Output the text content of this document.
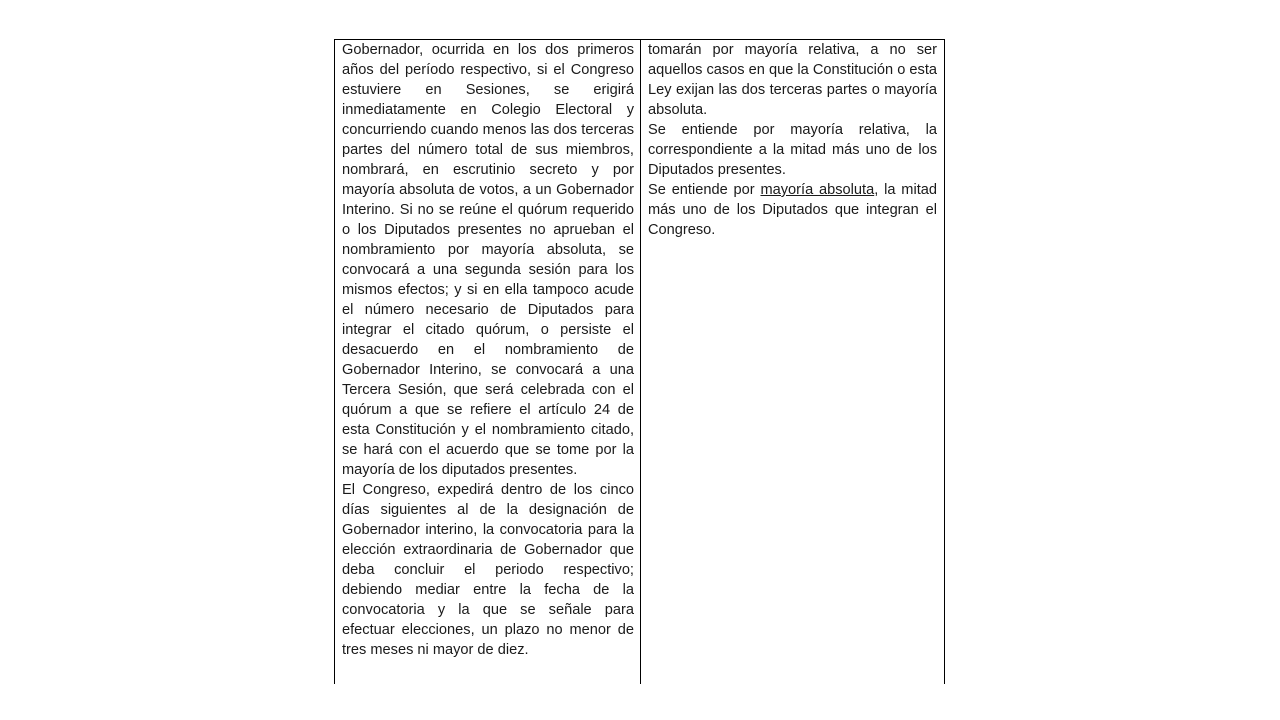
Gobernador, ocurrida en los dos primeros años del período respectivo, si el Congreso estuviere en Sesiones, se erigirá inmediatamente en Colegio Electoral y concurriendo cuando menos las dos terceras partes del número total de sus miembros, nombrará, en escrutinio secreto y por mayoría absoluta de votos, a un Gobernador Interino. Si no se reúne el quórum requerido o los Diputados presentes no aprueban el nombramiento por mayoría absoluta, se convocará a una segunda sesión para los mismos efectos; y si en ella tampoco acude el número necesario de Diputados para integrar el citado quórum, o persiste el desacuerdo en el nombramiento de Gobernador Interino, se convocará a una Tercera Sesión, que será celebrada con el quórum a que se refiere el artículo 24 de esta Constitución y el nombramiento citado, se hará con el acuerdo que se tome por la mayoría de los diputados presentes.

El Congreso, expedirá dentro de los cinco días siguientes al de la designación de Gobernador interino, la convocatoria para la elección extraordinaria de Gobernador que deba concluir el periodo respectivo; debiendo mediar entre la fecha de la convocatoria y la que se señale para efectuar elecciones, un plazo no menor de tres meses ni mayor de diez.

tomarán por mayoría relativa, a no ser aquellos casos en que la Constitución o esta Ley exijan las dos terceras partes o mayoría absoluta.

Se entiende por mayoría relativa, la correspondiente a la mitad más uno de los Diputados presentes.

Se entiende por mayoría absoluta, la mitad más uno de los Diputados que integran el Congreso.
